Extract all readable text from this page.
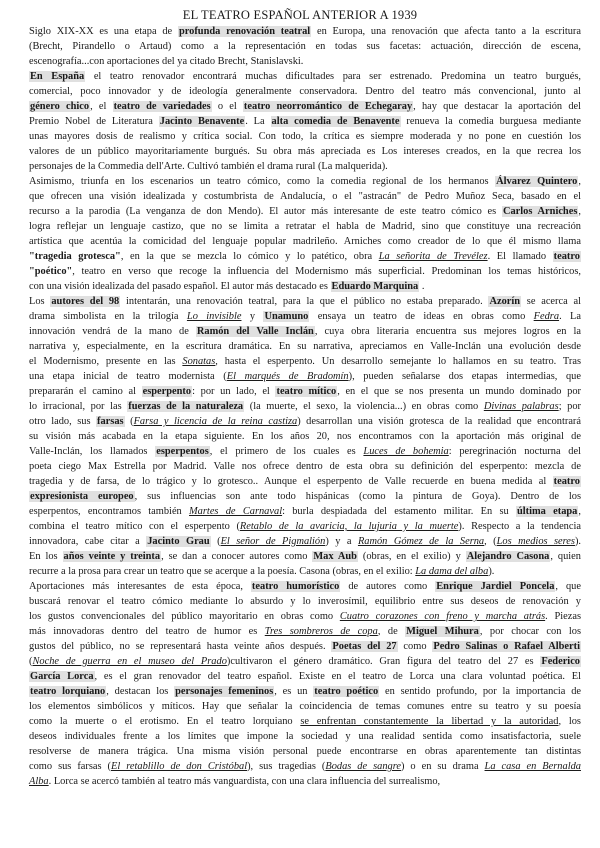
EL TEATRO ESPAÑOL ANTERIOR A 1939
Siglo XIX-XX es una etapa de profunda renovación teatral en Europa, una renovación que afecta tanto a la escritura
(Brecht, Pirandello o Artaud) como a la representación en todas sus facetas: actuación, dirección de escena,
escenografía...con aportaciones del ya citado Brecht, Stanislavski.
En España el teatro renovador encontrará muchas dificultades para ser estrenado. Predomina un teatro burgués,
comercial, poco innovador y de ideología generalmente conservadora. Dentro del teatro más convencional, junto al
género chico, el teatro de variedades o el teatro neorromántico de Echegaray, hay que destacar la aportación del
Premio Nobel de Literatura Jacinto Benavente. La alta comedia de Benavente renueva la comedia burguesa mediante
unas mayores dosis de realismo y crítica social. Con todo, la crítica es siempre moderada y no pone en cuestión los
valores de un público mayoritariamente burgués. Su obra más apreciada es Los intereses creados, en la que recrea los
personajes de la Commedia dell'Arte. Cultivó también el drama rural (La malquerida).
Asimismo, triunfa en los escenarios un teatro cómico, como la comedia regional de los hermanos Álvarez Quintero,
que ofrecen una visión idealizada y costumbrista de Andalucía, o el "astracán" de Pedro Muñoz Seca, basado en el
recurso a la parodia (La venganza de don Mendo). El autor más interesante de este teatro cómico es Carlos Arniches,
logra reflejar un lenguaje castizo, que no se limita a retratar el habla de Madrid, sino que constituye una recreación
artística que acentúa la comicidad del lenguaje popular madrileño. Arniches como creador de lo que él mismo llama
"tragedia grotesca", en la que se mezcla lo cómico y lo patético, obra La señorita de Trevélez. El llamado teatro
"poético", teatro en verso que recoge la influencia del Modernismo más superficial. Predominan los temas históricos,
con una visión idealizada del pasado español. El autor más destacado es Eduardo Marquina .
Los autores del 98 intentarán, una renovación teatral, para la que el público no estaba preparado. Azorín se acerca al
drama simbolista en la trilogía Lo invisible y Unamuno ensaya un teatro de ideas en obras como Fedra. La
innovación vendrá de la mano de Ramón del Valle Inclán, cuya obra literaria encuentra sus mejores logros en la
narrativa y, especialmente, en la escritura dramática. En su narrativa, apreciamos en Valle-Inclán una evolución desde
el Modernismo, presente en las Sonatas, hasta el esperpento. Un desarrollo semejante lo hallamos en su teatro. Tras
una etapa inicial de teatro modernista (El marqués de Bradomín), pueden señalarse dos etapas intermedias, que
prepararán el camino al esperpento: por un lado, el teatro mítico, en el que se nos presenta un mundo dominado por
lo irracional, por las fuerzas de la naturaleza (la muerte, el sexo, la violencia...) en obras como Divinas palabras; por
otro lado, sus farsas (Farsa y licencia de la reina castiza) desarrollan una visión grotesca de la realidad que encontrará
su visión más acabada en la etapa siguiente. En los años 20, nos encontramos con la aportación más original de
Valle-Inclán, los llamados esperpentos, el primero de los cuales es Luces de bohemia: peregrinación nocturna del
poeta ciego Max Estrella por Madrid. Valle nos ofrece dentro de esta obra su definición del esperpento: mezcla de
tragedia y de farsa, de lo trágico y lo grotesco.. Aunque el esperpento de Valle recuerde en buena medida al teatro
expresionista europeo, sus influencias son ante todo hispánicas (como la pintura de Goya). Dentro de los
esperpentos, encontramos también Martes de Carnaval: burla despiadada del estamento militar. En su última etapa,
combina el teatro mítico con el esperpento (Retablo de la avaricia, la lujuria y la muerte). Respecto a la tendencia
innovadora, cabe citar a Jacinto Grau (El señor de Pigmalión) y a Ramón Gómez de la Serna, (Los medios seres).
En los años veinte y treinta, se dan a conocer autores como Max Aub (obras, en el exilio) y Alejandro Casona, quien
recurre a la prosa para crear un teatro que se acerque a la poesía. Casona (obras, en el exilio: La dama del alba).
Aportaciones más interesantes de esta época, teatro humorístico de autores como Enrique Jardiel Poncela, que
buscará renovar el teatro cómico mediante lo absurdo y lo inverosímil, equilibrio entre sus deseos de renovación y
los gustos convencionales del público mayoritario en obras como Cuatro corazones con freno y marcha atrás. Piezas
más innovadoras dentro del teatro de humor es Tres sombreros de copa, de Miguel Mihura, por chocar con los
gustos del público, no se representará hasta veinte años después. Poetas del 27 como Pedro Salinas o Rafael Alberti
(Noche de guerra en el museo del Prado)cultivaron el género dramático. Gran figura del teatro del 27 es Federico
García Lorca, es el gran renovador del teatro español. Existe en el teatro de Lorca una clara voluntad poética. El
teatro lorquiano, destacan los personajes femeninos, es un teatro poético en sentido profundo, por la importancia de
los elementos simbólicos y míticos. Hay que señalar la coincidencia de temas comunes entre su teatro y su poesía
como la muerte o el erotismo. En el teatro lorquiano se enfrentan constantemente la libertad y la autoridad, los
deseos individuales frente a los límites que impone la sociedad y una realidad sentida como insatisfactoria, suele
resolverse de manera trágica. Una misma visión personal puede encontrarse en obras aparentemente tan distintas
como sus farsas (El retablillo de don Cristóbal), sus tragedias (Bodas de sangre) o en su drama La casa en Bernalda
Alba. Lorca se acercó también al teatro más vanguardista, con una clara influencia del surrealismo,
